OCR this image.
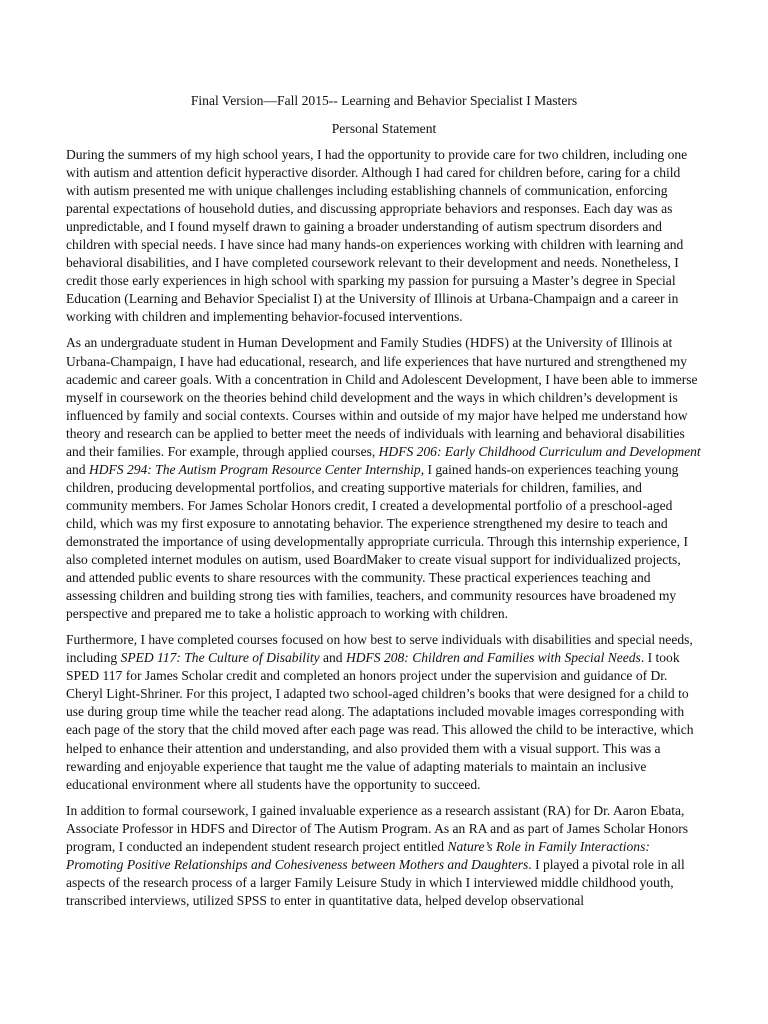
Final Version—Fall 2015-- Learning and Behavior Specialist I Masters
Personal Statement

During the summers of my high school years, I had the opportunity to provide care for two children, including one with autism and attention deficit hyperactive disorder. Although I had cared for children before, caring for a child with autism presented me with unique challenges including establishing channels of communication, enforcing parental expectations of household duties, and discussing appropriate behaviors and responses. Each day was as unpredictable, and I found myself drawn to gaining a broader understanding of autism spectrum disorders and children with special needs. I have since had many hands-on experiences working with children with learning and behavioral disabilities, and I have completed coursework relevant to their development and needs. Nonetheless, I credit those early experiences in high school with sparking my passion for pursuing a Master’s degree in Special Education (Learning and Behavior Specialist I) at the University of Illinois at Urbana-Champaign and a career in working with children and implementing behavior-focused interventions.

As an undergraduate student in Human Development and Family Studies (HDFS) at the University of Illinois at Urbana-Champaign, I have had educational, research, and life experiences that have nurtured and strengthened my academic and career goals. With a concentration in Child and Adolescent Development, I have been able to immerse myself in coursework on the theories behind child development and the ways in which children’s development is influenced by family and social contexts. Courses within and outside of my major have helped me understand how theory and research can be applied to better meet the needs of individuals with learning and behavioral disabilities and their families. For example, through applied courses, HDFS 206: Early Childhood Curriculum and Development and HDFS 294: The Autism Program Resource Center Internship, I gained hands-on experiences teaching young children, producing developmental portfolios, and creating supportive materials for children, families, and community members. For James Scholar Honors credit, I created a developmental portfolio of a preschool-aged child, which was my first exposure to annotating behavior. The experience strengthened my desire to teach and demonstrated the importance of using developmentally appropriate curricula. Through this internship experience, I also completed internet modules on autism, used BoardMaker to create visual support for individualized projects, and attended public events to share resources with the community. These practical experiences teaching and assessing children and building strong ties with families, teachers, and community resources have broadened my perspective and prepared me to take a holistic approach to working with children.

Furthermore, I have completed courses focused on how best to serve individuals with disabilities and special needs, including SPED 117: The Culture of Disability and HDFS 208: Children and Families with Special Needs. I took SPED 117 for James Scholar credit and completed an honors project under the supervision and guidance of Dr. Cheryl Light-Shriner. For this project, I adapted two school-aged children’s books that were designed for a child to use during group time while the teacher read along. The adaptations included movable images corresponding with each page of the story that the child moved after each page was read. This allowed the child to be interactive, which helped to enhance their attention and understanding, and also provided them with a visual support. This was a rewarding and enjoyable experience that taught me the value of adapting materials to maintain an inclusive educational environment where all students have the opportunity to succeed.

In addition to formal coursework, I gained invaluable experience as a research assistant (RA) for Dr. Aaron Ebata, Associate Professor in HDFS and Director of The Autism Program. As an RA and as part of James Scholar Honors program, I conducted an independent student research project entitled Nature’s Role in Family Interactions: Promoting Positive Relationships and Cohesiveness between Mothers and Daughters. I played a pivotal role in all aspects of the research process of a larger Family Leisure Study in which I interviewed middle childhood youth, transcribed interviews, utilized SPSS to enter in quantitative data, helped develop observational
